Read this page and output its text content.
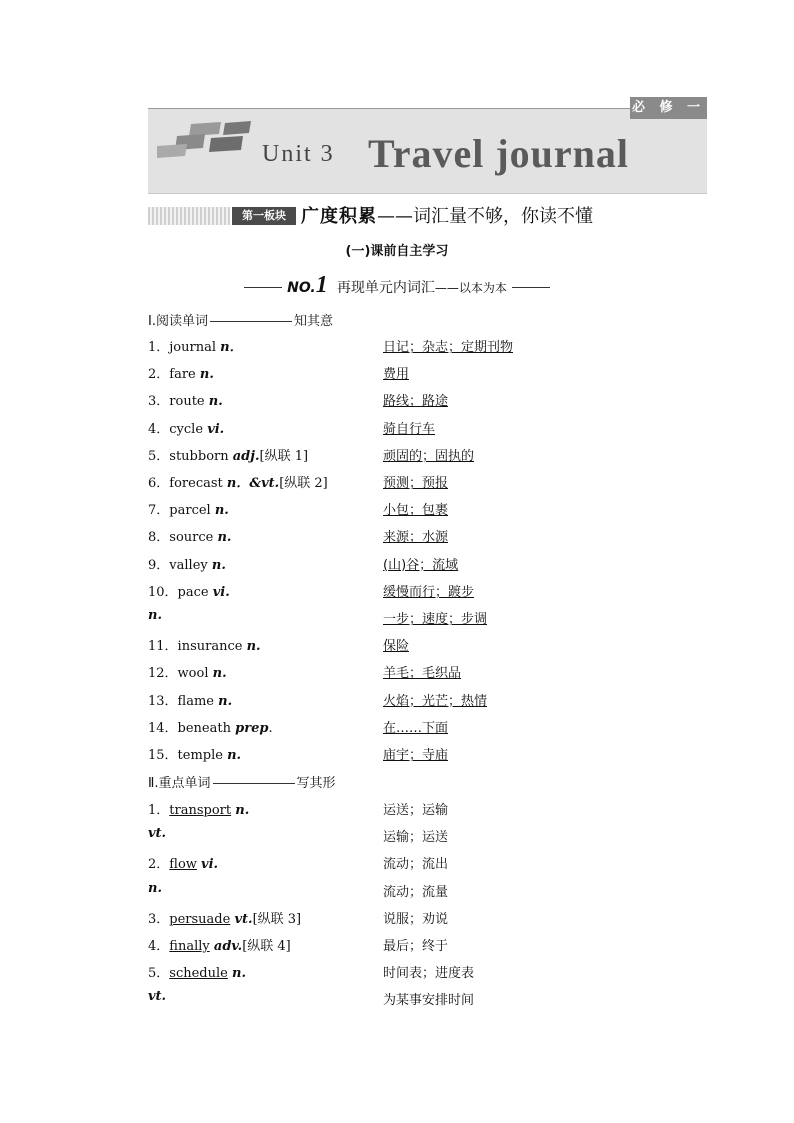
必 修 一
Unit 3 Travel journal
第一板块 广度积累——词汇量不够，你读不懂
(一)课前自主学习
NO.1 再现单元内词汇——以本为本
Ⅰ.阅读单词	知其意
1．journal n．	日记；杂志；定期刊物
2．fare n.	费用
3．route n.	路线；路途
4．cycle vi.	骑自行车
5．stubborn adj.[纵联 1]	顽固的；固执的
6．forecast n．&vt.[纵联 2]	预测；预报
7．parcel n.	小包；包裹
8．source n.	来源；水源
9．valley n.	(山)谷；流域
10．pace vi.	缓慢而行；踱步
n.	一步；速度；步调
11．insurance n.	保险
12．wool n.	羊毛；毛织品
13．flame n.	火焰；光芒；热情
14．beneath prep.	在……下面
15．temple n.	庙宇；寺庙
Ⅱ.重点单词	写其形
1．transport n.	运送；运输
vt.	运输；运送
2．flow vi.	流动；流出
n.	流动；流量
3．persuade vt.[纵联 3]	说服；劝说
4．finally adv.[纵联 4]	最后；终于
5．schedule n.	时间表；进度表
vt.	为某事安排时间
